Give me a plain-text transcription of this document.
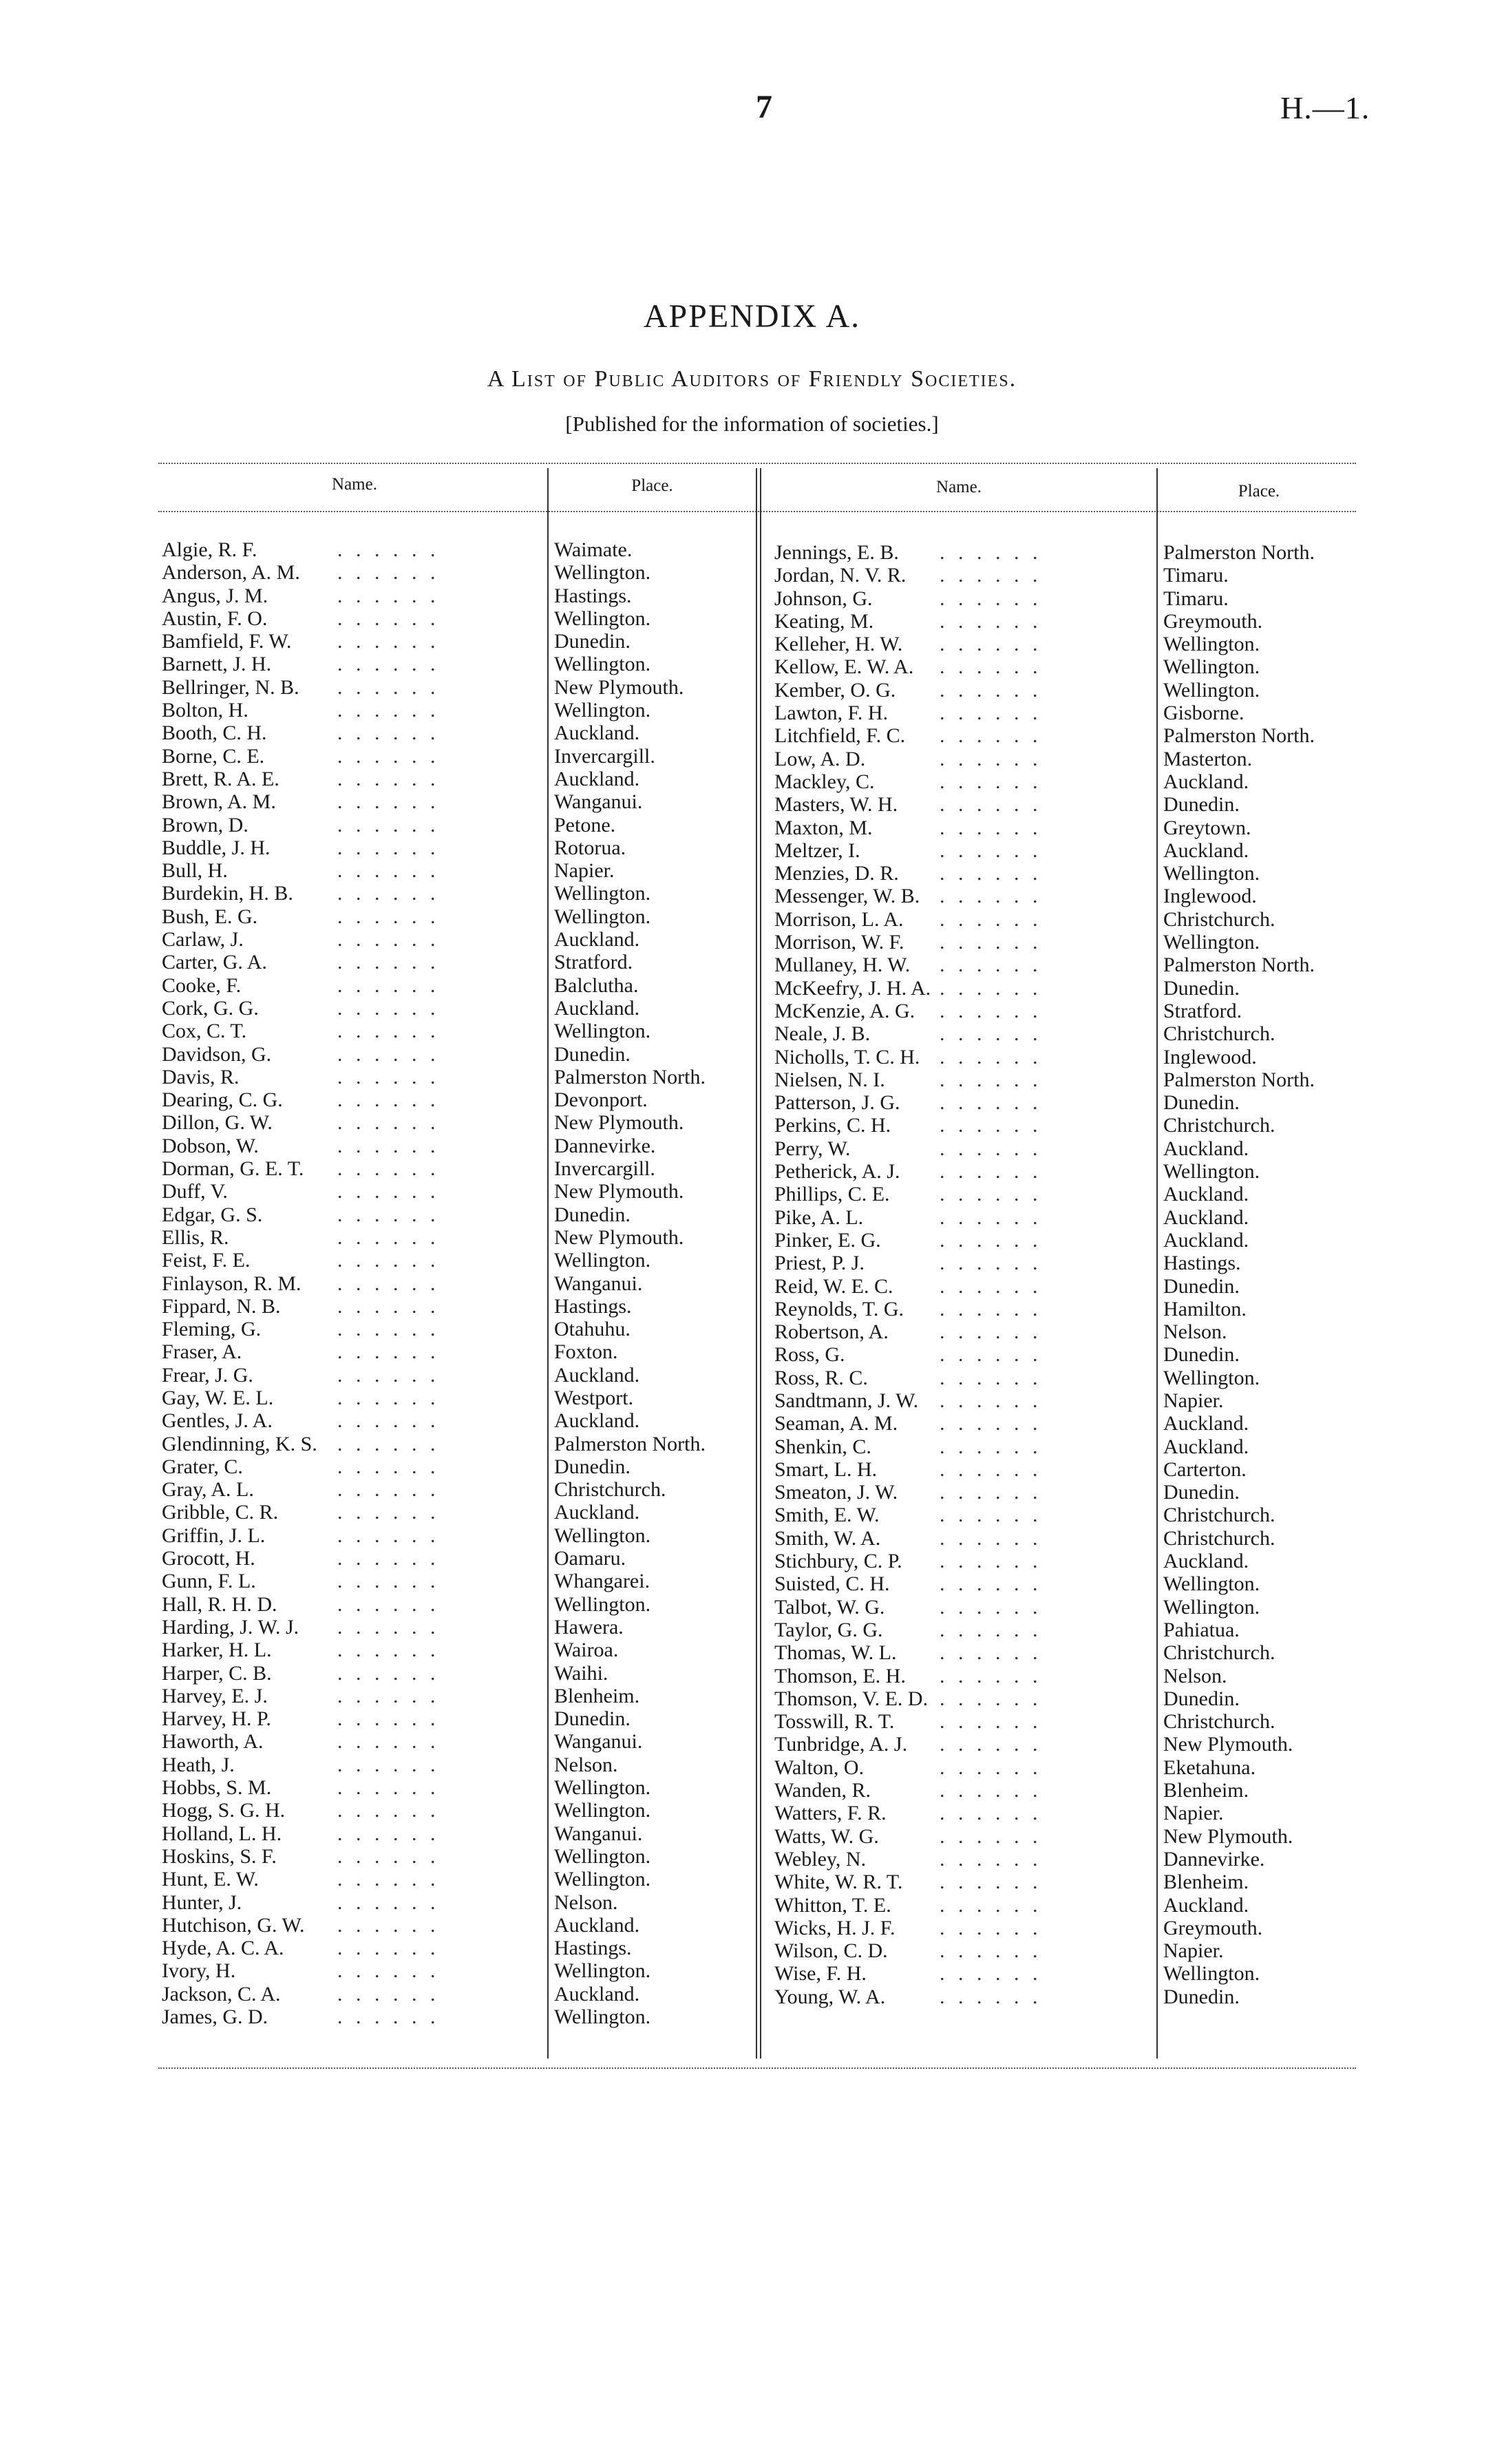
7	H.—1.
APPENDIX A.
A List of Public Auditors of Friendly Societies.
[Published for the information of societies.]
Name.	Place.	Name.	Place.
Algie, R. F.	. . . . . .	Waimate.
Anderson, A. M. . . . . . .	Wellington.
Angus, J. M.	. . . . . .	Hastings.
Austin, F. O.	. . . . . .	Wellington.
Bamfield, F. W. . . . . . .	Dunedin.
Barnett, J. H.	. . . . . .	Wellington.
Bellringer, N. B. . . . . . .	New Plymouth.
Bolton, H.	. . . . . .	Wellington.
Booth, C. H.	. . . . . .	Auckland.
Borne, C. E.	. . . . . .	Invercargill.
Brett, R. A. E.	. . . . . .	Auckland.
Brown, A. M.	. . . . . .	Wanganui.
Brown, D.	. . . . . .	Petone.
Buddle, J. H.	. . . . . .	Rotorua.
Bull, H.	. . . . . .	Napier.
Burdekin, H. B. . . . . . .	Wellington.
Bush, E. G.	. . . . . .	Wellington.
Carlaw, J.	. . . . . .	Auckland.
Carter, G. A.	. . . . . .	Stratford.
Cooke, F.	. . . . . .	Balclutha.
Cork, G. G.	. . . . . .	Auckland.
Cox, C. T.	. . . . . .	Wellington.
Davidson, G.	. . . . . .	Dunedin.
Davis, R.	. . . . . .	Palmerston North.
Dearing, C. G.	. . . . . .	Devonport.
Dillon, G. W.	. . . . . .	New Plymouth.
Dobson, W.	. . . . . .	Dannevirke.
Dorman, G. E. T. . . . . . .	Invercargill.
Duff, V.	. . . . . .	New Plymouth.
Edgar, G. S.	. . . . . .	Dunedin.
Ellis, R.	. . . . . .	New Plymouth.
Feist, F. E.	. . . . . .	Wellington.
Finlayson, R. M. . . . . . .	Wanganui.
Fippard, N. B.	. . . . . .	Hastings.
Fleming, G.	. . . . . .	Otahuhu.
Fraser, A.	. . . . . .	Foxton.
Frear, J. G.	. . . . . .	Auckland.
Gay, W. E. L.	. . . . . .	Westport.
Gentles, J. A.	. . . . . .	Auckland.
Glendinning, K. S. . . . . . .	Palmerston North.
Grater, C.	. . . . . .	Dunedin.
Gray, A. L.	. . . . . .	Christchurch.
Gribble, C. R.	. . . . . .	Auckland.
Griffin, J. L.	. . . . . .	Wellington.
Grocott, H.	. . . . . .	Oamaru.
Gunn, F. L.	. . . . . .	Whangarei.
Hall, R. H. D.	. . . . . .	Wellington.
Harding, J. W. J. . . . . . .	Hawera.
Harker, H. L.	. . . . . .	Wairoa.
Harper, C. B.	. . . . . .	Waihi.
Harvey, E. J.	. . . . . .	Blenheim.
Harvey, H. P.	. . . . . .	Dunedin.
Haworth, A.	. . . . . .	Wanganui.
Heath, J.	. . . . . .	Nelson.
Hobbs, S. M.	. . . . . .	Wellington.
Hogg, S. G. H.	. . . . . .	Wellington.
Holland, L. H.	. . . . . .	Wanganui.
Hoskins, S. F.	. . . . . .	Wellington.
Hunt, E. W.	. . . . . .	Wellington.
Hunter, J.	. . . . . .	Nelson.
Hutchison, G. W. . . . . . .	Auckland.
Hyde, A. C. A.	. . . . . .	Hastings.
Ivory, H.	. . . . . .	Wellington.
Jackson, C. A.	. . . . . .	Auckland.
James, G. D.	. . . . . .	Wellington.
Jennings, E. B. . . . . . .	Palmerston North.
Jordan, N. V. R. . . . . . .	Timaru.
Johnson, G.	. . . . . .	Timaru.
Keating, M.	. . . . . .	Greymouth.
Kelleher, H. W. . . . . . .	Wellington.
Kellow, E. W. A. . . . . . .	Wellington.
Kember, O. G. . . . . . .	Wellington.
Lawton, F. H. . . . . . .	Gisborne.
Litchfield, F. C. . . . . . .	Palmerston North.
Low, A. D.	. . . . . .	Masterton.
Mackley, C.	. . . . . .	Auckland.
Masters, W. H. . . . . . .	Dunedin.
Maxton, M.	. . . . . .	Greytown.
Meltzer, I.	. . . . . .	Auckland.
Menzies, D. R. . . . . . .	Wellington.
Messenger, W. B. . . . . . .	Inglewood.
Morrison, L. A. . . . . . .	Christchurch.
Morrison, W. F. . . . . . .	Wellington.
Mullaney, H. W. . . . . . .	Palmerston North.
McKeefry, J. H. A. . . . . . .	Dunedin.
McKenzie, A. G. . . . . . .	Stratford.
Neale, J. B.	. . . . . .	Christchurch.
Nicholls, T. C. H. . . . . . .	Inglewood.
Nielsen, N. I.	. . . . . .	Palmerston North.
Patterson, J. G. . . . . . .	Dunedin.
Perkins, C. H. . . . . . .	Christchurch.
Perry, W.	. . . . . .	Auckland.
Petherick, A. J. . . . . . .	Wellington.
Phillips, C. E. . . . . . .	Auckland.
Pike, A. L.	. . . . . .	Auckland.
Pinker, E. G.	. . . . . .	Auckland.
Priest, P. J.	. . . . . .	Hastings.
Reid, W. E. C. . . . . . .	Dunedin.
Reynolds, T. G. . . . . . .	Hamilton.
Robertson, A. . . . . . .	Nelson.
Ross, G.	. . . . . .	Dunedin.
Ross, R. C.	. . . . . .	Wellington.
Sandtmann, J. W. . . . . . .	Napier.
Seaman, A. M. . . . . . .	Auckland.
Shenkin, C.	. . . . . .	Auckland.
Smart, L. H.	. . . . . .	Carterton.
Smeaton, J. W. . . . . . .	Dunedin.
Smith, E. W.	. . . . . .	Christchurch.
Smith, W. A.	. . . . . .	Christchurch.
Stichbury, C. P. . . . . . .	Auckland.
Suisted, C. H. . . . . . .	Wellington.
Talbot, W. G.	. . . . . .	Wellington.
Taylor, G. G.	. . . . . .	Pahiatua.
Thomas, W. L. . . . . . .	Christchurch.
Thomson, E. H. . . . . . .	Nelson.
Thomson, V. E. D. . . . . . .	Dunedin.
Tosswill, R. T. . . . . . .	Christchurch.
Tunbridge, A. J. . . . . . .	New Plymouth.
Walton, O.	. . . . . .	Eketahuna.
Wanden, R.	. . . . . .	Blenheim.
Watters, F. R.	. . . . . .	Napier.
Watts, W. G.	. . . . . .	New Plymouth.
Webley, N.	. . . . . .	Dannevirke.
White, W. R. T. . . . . . .	Blenheim.
Whitton, T. E. . . . . . .	Auckland.
Wicks, H. J. F. . . . . . .	Greymouth.
Wilson, C. D.	. . . . . .	Napier.
Wise, F. H.	. . . . . .	Wellington.
Young, W. A.	. . . . . .	Dunedin.
